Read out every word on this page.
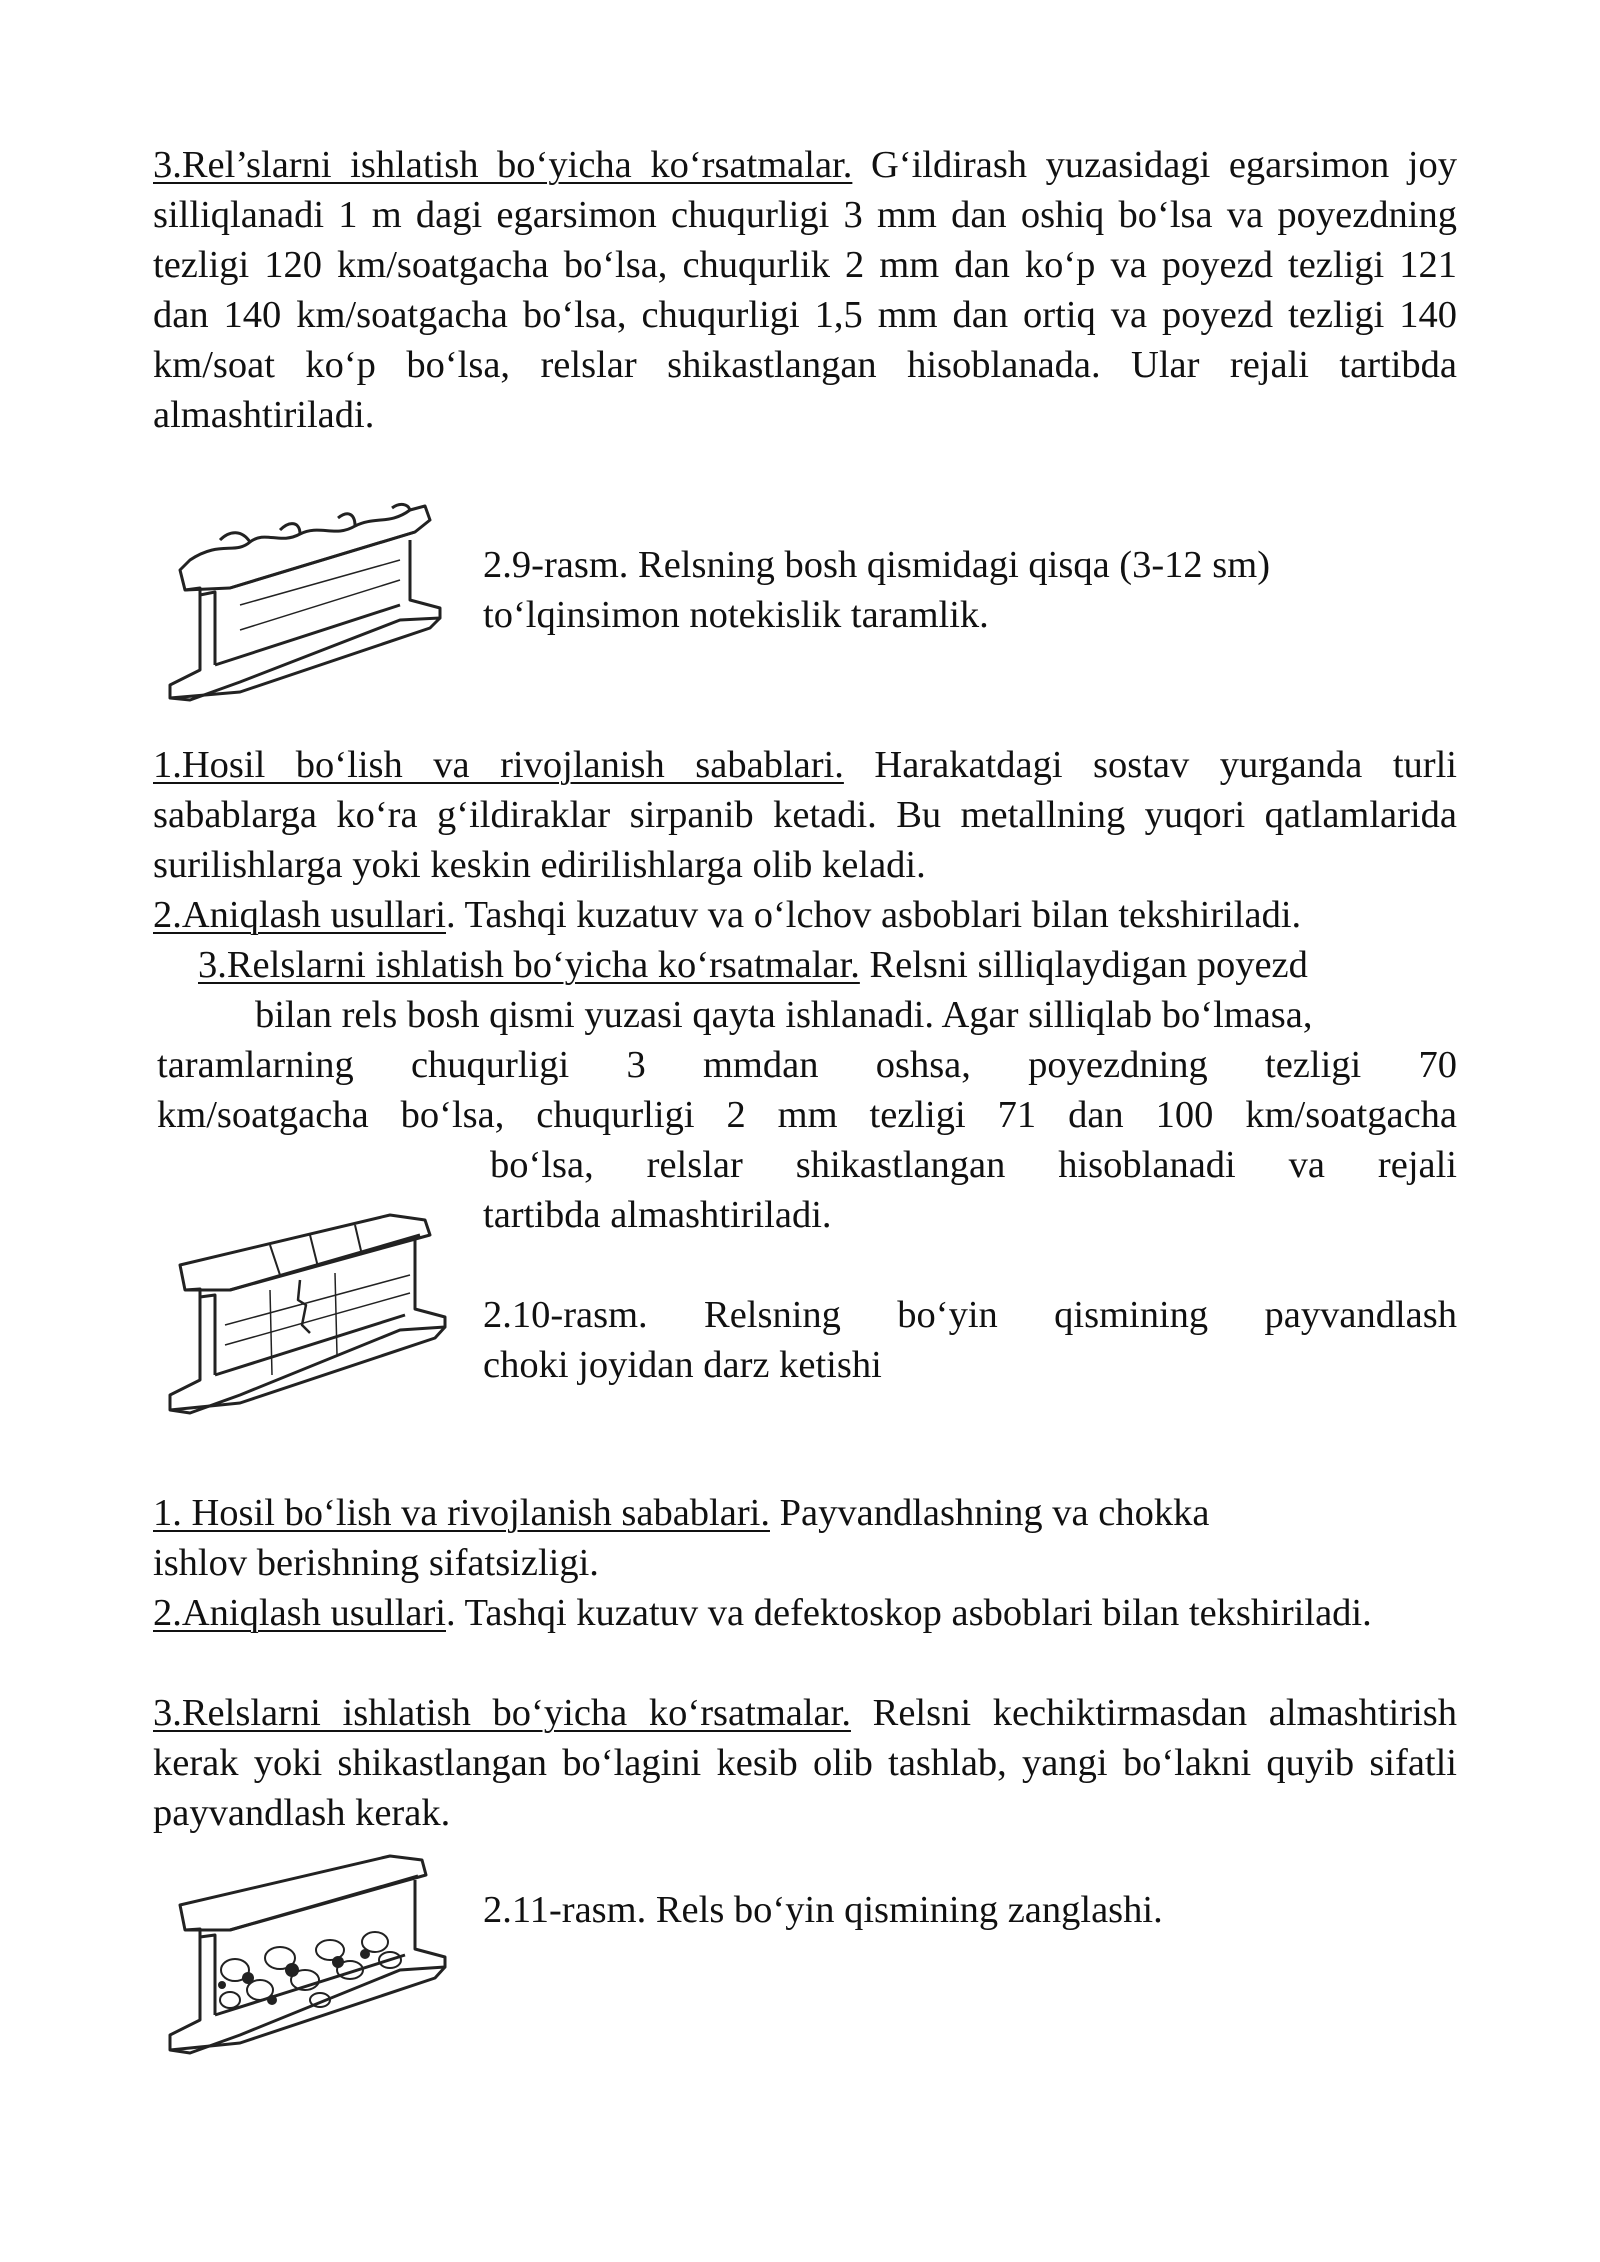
3.Rel’slarni ishlatish bo‘yicha ko‘rsatmalar. G‘ildirash yuzasidagi egarsimon joy silliqlanadi 1 m dagi egarsimon chuqurligi 3 mm dan oshiq bo‘lsa va poyezdning tezligi 120 km/soatgacha bo‘lsa, chuqurlik 2 mm dan ko‘p va poyezd tezligi 121 dan 140 km/soatgacha bo‘lsa, chuqurligi 1,5 mm dan ortiq va poyezd tezligi 140 km/soat ko‘p bo‘lsa, relslar shikastlangan hisoblanada. Ular rejali tartibda almashtiriladi.

2.9-rasm. Relsning bosh qismidagi qisqa (3-12 sm)
to‘lqinsimon notekislik taramlik.

1.Hosil bo‘lish va rivojlanish sabablari. Harakatdagi sostav yurganda turli sabablarga ko‘ra g‘ildiraklar sirpanib ketadi. Bu metallning yuqori qatlamlarida surilishlarga yoki keskin edirilishlarga olib keladi.

2.Aniqlash usullari. Tashqi kuzatuv va o‘lchov asboblari bilan tekshiriladi.
3.Relslarni ishlatish bo‘yicha ko‘rsatmalar. Relsni silliqlaydigan poyezd
bilan rels bosh qismi yuzasi qayta ishlanadi. Agar silliqlab bo‘lmasa,
taramlarning chuqurligi 3 mmdan oshsa, poyezdning tezligi 70
km/soatgacha bo‘lsa, chuqurligi 2 mm tezligi 71 dan 100 km/soatgacha
bo‘lsa, relslar shikastlangan hisoblanadi va rejali
tartibda almashtiriladi.
2.10-rasm. Relsning bo‘yin qismining payvandlash
choki joyidan darz ketishi
1. Hosil bo‘lish va rivojlanish sabablari. Payvandlashning va chokka
ishlov berishning sifatsizligi.

2.Aniqlash usullari. Tashqi kuzatuv va defektoskop asboblari bilan tekshiriladi.

3.Relslarni ishlatish bo‘yicha ko‘rsatmalar. Relsni kechiktirmasdan almashtirish kerak yoki shikastlangan bo‘lagini kesib olib tashlab, yangi bo‘lakni quyib sifatli payvandlash kerak.

2.11-rasm. Rels bo‘yin qismining zanglashi.
